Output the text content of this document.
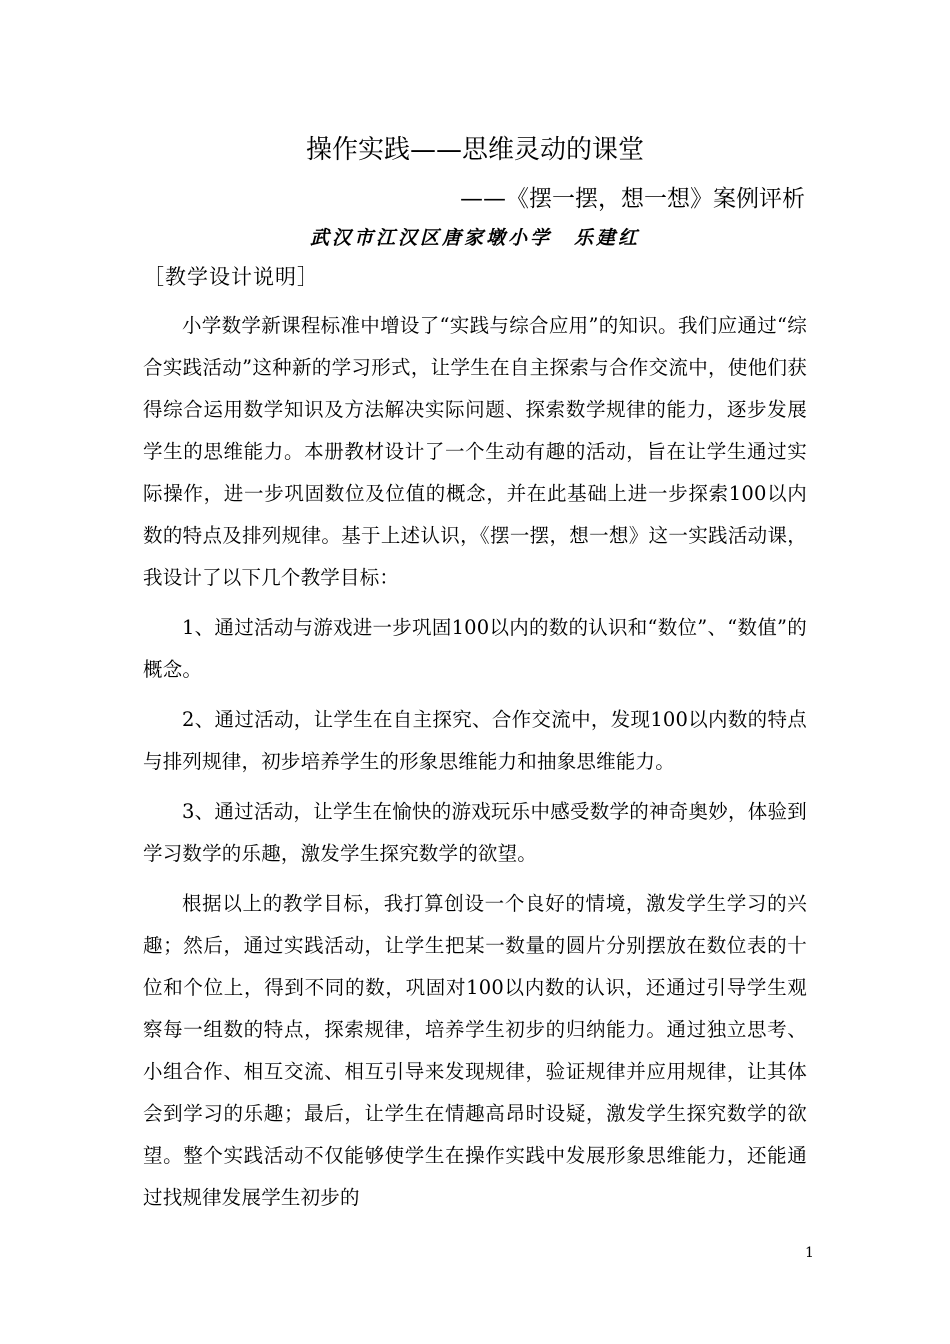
操作实践——思维灵动的课堂
——《摆一摆，想一想》案例评析
武汉市江汉区唐家墩小学 乐建红
［教学设计说明］

小学数学新课程标准中增设了“实践与综合应用”的知识。我们应通过“综合实践活动”这种新的学习形式，让学生在自主探索与合作交流中，使他们获得综合运用数学知识及方法解决实际问题、探索数学规律的能力，逐步发展学生的思维能力。本册教材设计了一个生动有趣的活动，旨在让学生通过实际操作，进一步巩固数位及位值的概念，并在此基础上进一步探索100以内数的特点及排列规律。基于上述认识，《摆一摆，想一想》这一实践活动课，我设计了以下几个教学目标：

1、通过活动与游戏进一步巩固100以内的数的认识和“数位”、“数值”的概念。

2、通过活动，让学生在自主探究、合作交流中，发现100以内数的特点与排列规律，初步培养学生的形象思维能力和抽象思维能力。

3、通过活动，让学生在愉快的游戏玩乐中感受数学的神奇奥妙，体验到学习数学的乐趣，激发学生探究数学的欲望。

根据以上的教学目标，我打算创设一个良好的情境，激发学生学习的兴趣；然后，通过实践活动，让学生把某一数量的圆片分别摆放在数位表的十位和个位上，得到不同的数，巩固对100以内数的认识，还通过引导学生观察每一组数的特点，探索规律，培养学生初步的归纳能力。通过独立思考、小组合作、相互交流、相互引导来发现规律，验证规律并应用规律，让其体会到学习的乐趣；最后，让学生在情趣高昂时设疑，激发学生探究数学的欲望。整个实践活动不仅能够使学生在操作实践中发展形象思维能力，还能通过找规律发展学生初步的

1
